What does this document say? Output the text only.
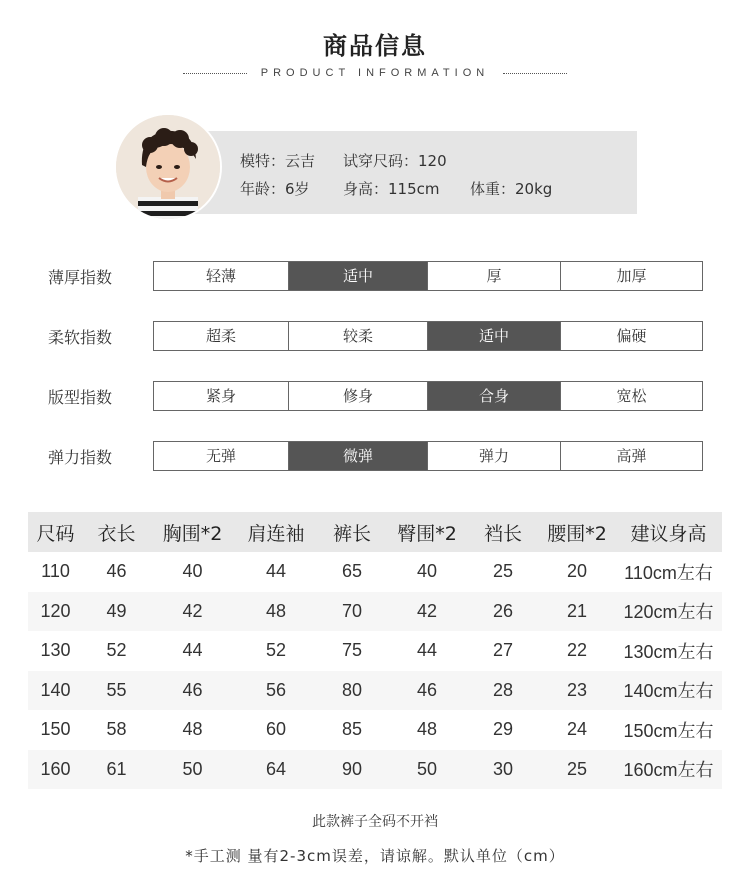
商品信息
PRODUCT INFORMATION
模特：云吉 试穿尺码：120
年龄：6岁 身高：115cm 体重：20kg
薄厚指数	轻薄	适中	厚	加厚
柔软指数	超柔	较柔	适中	偏硬
版型指数	紧身	修身	合身	宽松
弹力指数	无弹	微弹	弹力	高弹
尺码	衣长	胸围*2	肩连袖	裤长	臀围*2	裆长	腰围*2	建议身高
110	46	40	44	65	40	25	20	110cm左右
120	49	42	48	70	42	26	21	120cm左右
130	52	44	52	75	44	27	22	130cm左右
140	55	46	56	80	46	28	23	140cm左右
150	58	48	60	85	48	29	24	150cm左右
160	61	50	64	90	50	30	25	160cm左右
此款裤子全码不开裆
*手工测 量有2-3cm误差，请谅解。默认单位（cm）
